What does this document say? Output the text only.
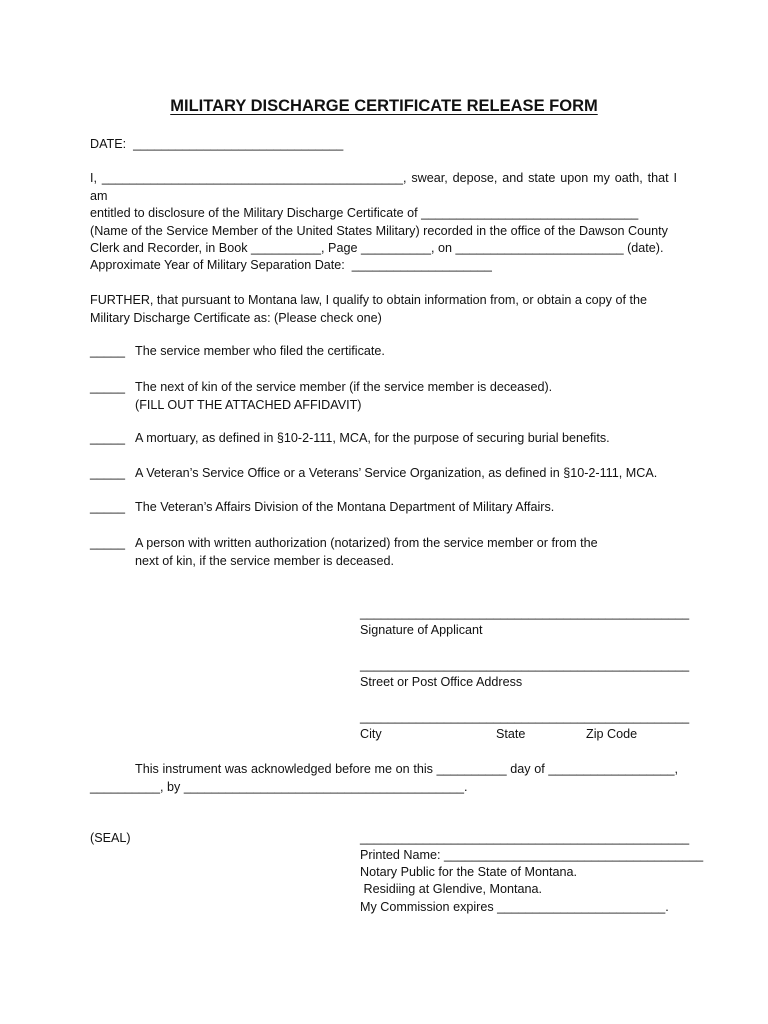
MILITARY DISCHARGE CERTIFICATE RELEASE FORM
DATE:  ______________________________
I, ___________________________________________, swear, depose, and state upon my oath, that I am
entitled to disclosure of the Military Discharge Certificate of _______________________________
(Name of the Service Member of the United States Military) recorded in the office of the Dawson County
Clerk and Recorder, in Book __________, Page __________, on ________________________ (date).
Approximate Year of Military Separation Date:  ____________________
FURTHER, that pursuant to Montana law, I qualify to obtain information from, or obtain a copy of the
Military Discharge Certificate as: (Please check one)

_____

The service member who filed the certificate.

_____

The next of kin of the service member (if the service member is deceased).
(FILL OUT THE ATTACHED AFFIDAVIT)

_____

A mortuary, as defined in §10-2-111, MCA, for the purpose of securing burial benefits.

_____

A Veteran’s Service Office or a Veterans’ Service Organization, as defined in §10-2-111, MCA.

_____

The Veteran’s Affairs Division of the Montana Department of Military Affairs.

_____

A person with written authorization (notarized) from the service member or from the
next of kin, if the service member is deceased.

_______________________________________________
Signature of Applicant
_______________________________________________
Street or Post Office Address
_______________________________________________
City	State	Zip Code
This instrument was acknowledged before me on this __________ day of __________________,
__________, by ________________________________________.
(SEAL)	_______________________________________________
Printed Name: _____________________________________
Notary Public for the State of Montana.
Residiing at Glendive, Montana.
My Commission expires ________________________.
